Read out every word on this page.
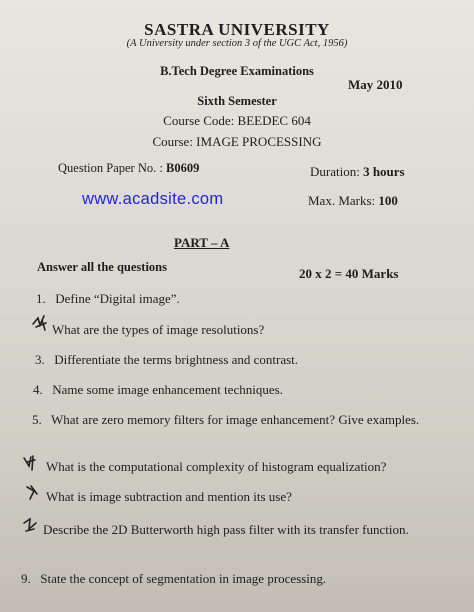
SASTRA UNIVERSITY
(A University under section 3 of the UGC Act, 1956)
B.Tech Degree Examinations
May 2010
Sixth Semester
Course Code: BEEDEC 604
Course: IMAGE PROCESSING
Question Paper No. : B0609	Duration: 3 hours
www.acadsite.com	Max. Marks: 100
PART – A
Answer all the questions	20 x 2 = 40 Marks
1. Define “Digital image”.
What are the types of image resolutions?
3. Differentiate the terms brightness and contrast.
4. Name some image enhancement techniques.
5. What are zero memory filters for image enhancement? Give examples.
What is the computational complexity of histogram equalization?
What is image subtraction and mention its use?
Describe the 2D Butterworth high pass filter with its transfer function.
9. State the concept of segmentation in image processing.
